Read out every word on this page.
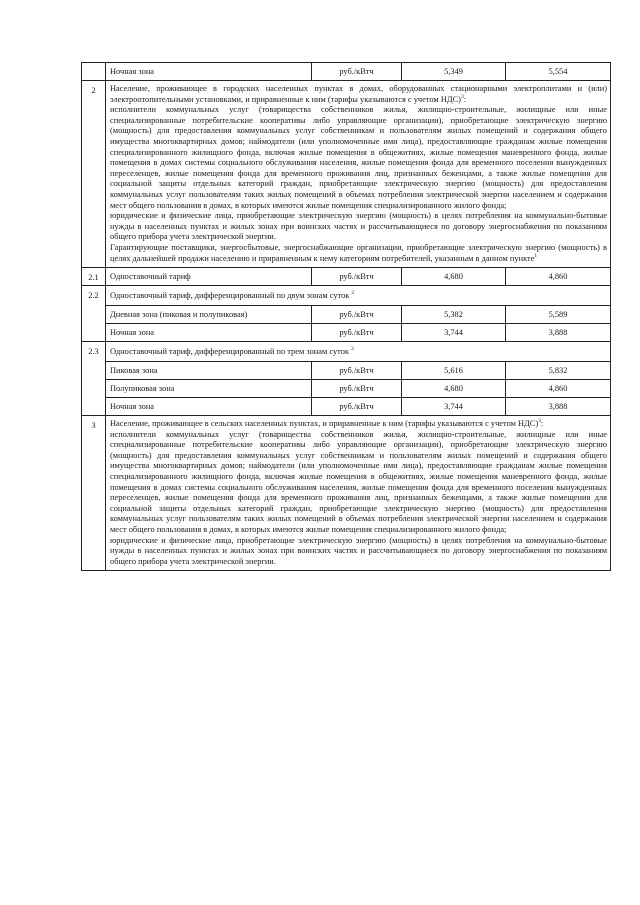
Ночная зона	руб./кВтч	5,349	5,554
2	Население, проживающее в городских населенных пунктах в домах, оборудованных стационарными электроплитами и (или) электроотопительными установками, и приравненные к ним (тарифы указываются с учетом НДС)$^3$:
исполнители коммунальных услуг (товарищества собственников жилья, жилищно-строительные, жилищные или иные специализированные потребительские кооперативы либо управляющие организации), приобретающие электрическую энергию (мощность) для предоставления коммунальных услуг собственникам и пользователям жилых помещений и содержания общего имущества многоквартирных домов; наймодатели (или уполномоченные ими лица), предоставляющие гражданам жилые помещения специализированного жилищного фонда, включая жилые помещения в общежитиях, жилые помещения маневренного фонда, жилые помещения в домах системы социального обслуживания населения, жилые помещения фонда для временного поселения вынужденных переселенцев, жилые помещения фонда для временного проживания лиц, признанных беженцами, а также жилые помещения для социальной защиты отдельных категорий граждан, приобретающие электрическую энергию (мощность) для предоставления коммунальных услуг пользователям таких жилых помещений в объемах потребления электрической энергии населением и содержания мест общего пользования в домах, в которых имеются жилые помещения специализированного жилого фонда;
юридические и физические лица, приобретающие электрическую энергию (мощность) в целях потребления на коммунально-бытовые нужды в населенных пунктах и жилых зонах при воинских частях и рассчитывающиеся по договору энергоснабжения по показаниям общего прибора учета электрической энергии.
Гарантирующие поставщики, энергосбытовые, энергоснабжающие организации, приобретающие электрическую энергию (мощность) в целях дальнейшей продажи населению и приравненным к нему категориям потребителей, указанным в данном пункте$^1$
2.1	Одноставочный тариф	руб./кВтч	4,680	4,860
2.2	Одноставочный тариф, дифференцированный по двум зонам суток $^2$
Дневная зона (пиковая и полупиковая)	руб./кВтч	5,382	5,589
Ночная зона	руб./кВтч	3,744	3,888
2.3	Одноставочный тариф, дифференцированный по трем зонам суток $^2$
Пиковая зона	руб./кВтч	5,616	5,832
Полупиковая зона	руб./кВтч	4,680	4,860
Ночная зона	руб./кВтч	3,744	3,888
3	Население, проживающее в сельских населенных пунктах, и приравненные к ним (тарифы указываются с учетом НДС)$^3$:
исполнители коммунальных услуг (товарищества собственников жилья, жилищно-строительные, жилищные или иные специализированные потребительские кооперативы либо управляющие организации), приобретающие электрическую энергию (мощность) для предоставления коммунальных услуг собственникам и пользователям жилых помещений и содержания общего имущества многоквартирных домов; наймодатели (или уполномоченные ими лица), предоставляющие гражданам жилые помещения специализированного жилищного фонда, включая жилые помещения в общежитиях, жилые помещения маневренного фонда, жилые помещения в домах системы социального обслуживания населения, жилые помещения фонда для временного поселения вынужденных переселенцев, жилые помещения фонда для временного проживания лиц, признанных беженцами, а также жилые помещения для социальной защиты отдельных категорий граждан, приобретающие электрическую энергию (мощность) для предоставления коммунальных услуг пользователям таких жилых помещений в объемах потребления электрической энергии населением и содержания мест общего пользования в домах, в которых имеются жилые помещения специализированного жилого фонда;
юридические и физические лица, приобретающие электрическую энергию (мощность) в целях потребления на коммунально-бытовые нужды в населенных пунктах и жилых зонах при воинских частях и рассчитывающиеся по договору энергоснабжения по показаниям общего прибора учета электрической энергии.
